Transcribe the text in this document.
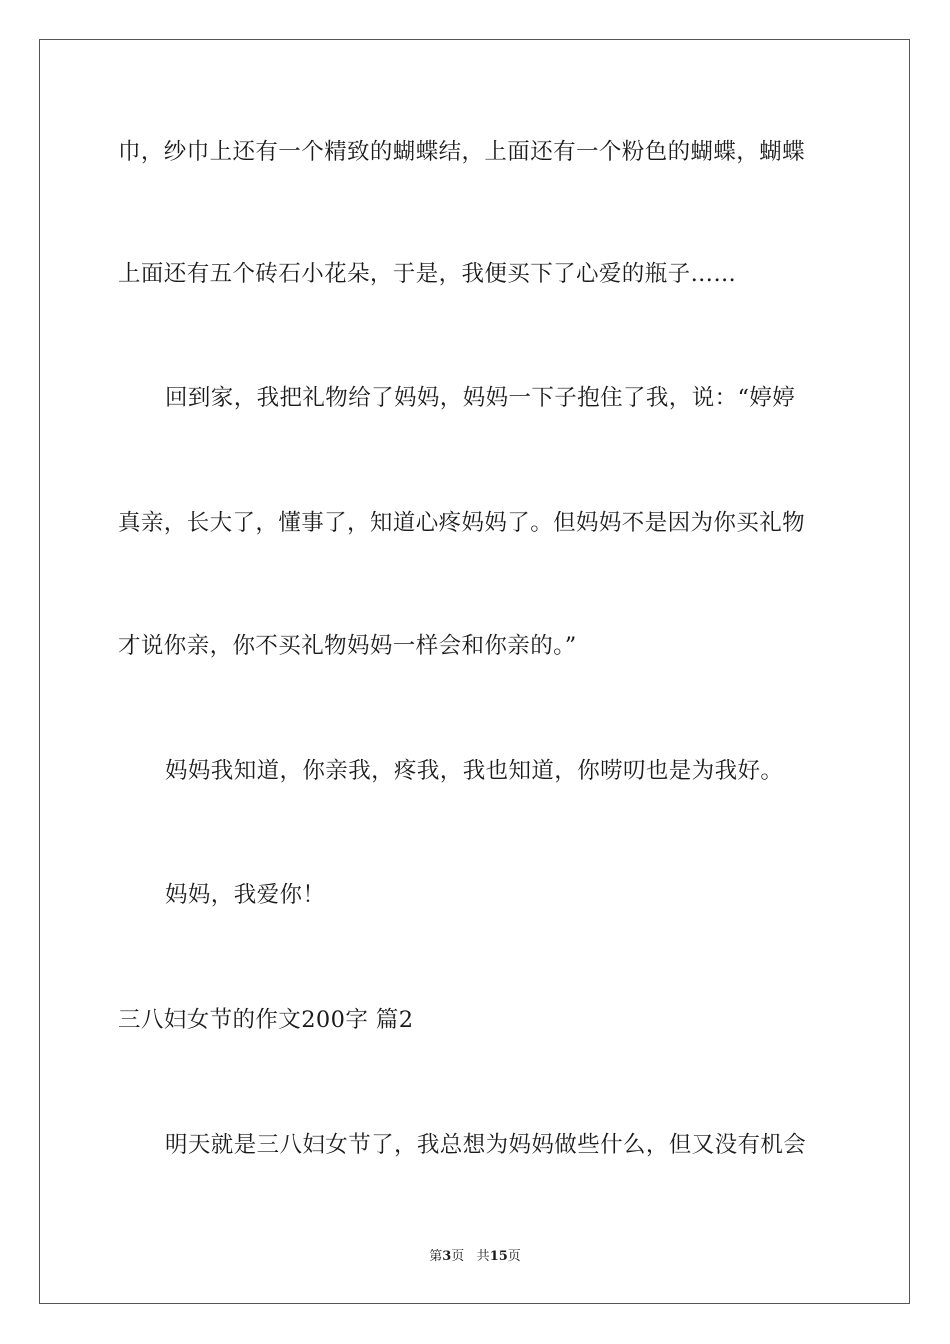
巾，纱巾上还有一个精致的蝴蝶结，上面还有一个粉色的蝴蝶，蝴蝶
上面还有五个砖石小花朵，于是，我便买下了心爱的瓶子……
回到家，我把礼物给了妈妈，妈妈一下子抱住了我，说：“婷婷
真亲，长大了，懂事了，知道心疼妈妈了。但妈妈不是因为你买礼物
才说你亲，你不买礼物妈妈一样会和你亲的。”
妈妈我知道，你亲我，疼我，我也知道，你唠叨也是为我好。
妈妈，我爱你！
三八妇女节的作文200字 篇2
明天就是三八妇女节了，我总想为妈妈做些什么，但又没有机会
第3页 共15页
